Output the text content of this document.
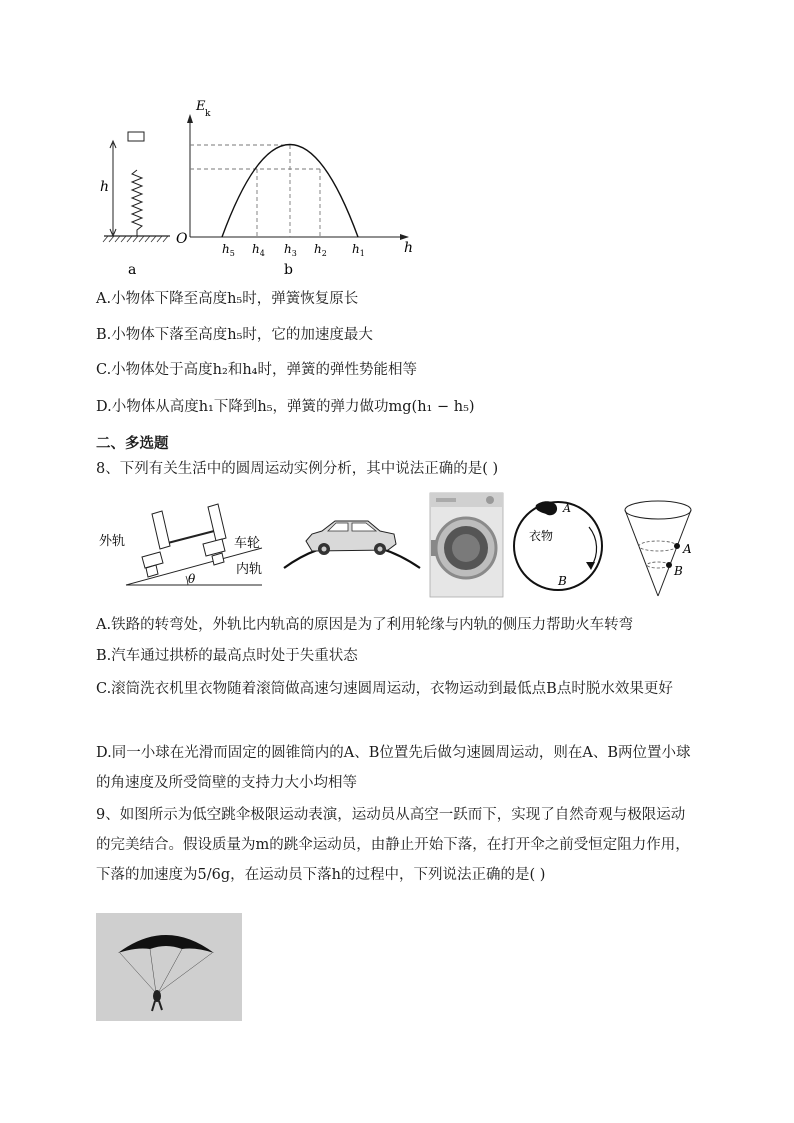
h
a
E k
O
h
$h_5$ $h_4$ $h_3$ $h_2$ $h_1$
b
A.小物体下降至高度h₅时，弹簧恢复原长
B.小物体下落至高度h₅时，它的加速度最大
C.小物体处于高度h₂和h₄时，弹簧的弹性势能相等
D.小物体从高度h₁下降到h₅，弹簧的弹力做功mg(h₁ − h₅)
二、多选题
8、下列有关生活中的圆周运动实例分析，其中说法正确的是( )
θ
外轨	车轮
内轨
A
衣物
B
A
B
A.铁路的转弯处，外轨比内轨高的原因是为了利用轮缘与内轨的侧压力帮助火车转弯
B.汽车通过拱桥的最高点时处于失重状态
C.滚筒洗衣机里衣物随着滚筒做高速匀速圆周运动，衣物运动到最低点B点时脱水效果更好
D.同一小球在光滑而固定的圆锥筒内的A、B位置先后做匀速圆周运动，则在A、B两位置小球的角速度及所受筒壁的支持力大小均相等
9、如图所示为低空跳伞极限运动表演，运动员从高空一跃而下，实现了自然奇观与极限运动的完美结合。假设质量为m的跳伞运动员，由静止开始下落，在打开伞之前受恒定阻力作用，下落的加速度为5/6g，在运动员下落h的过程中，下列说法正确的是( )
